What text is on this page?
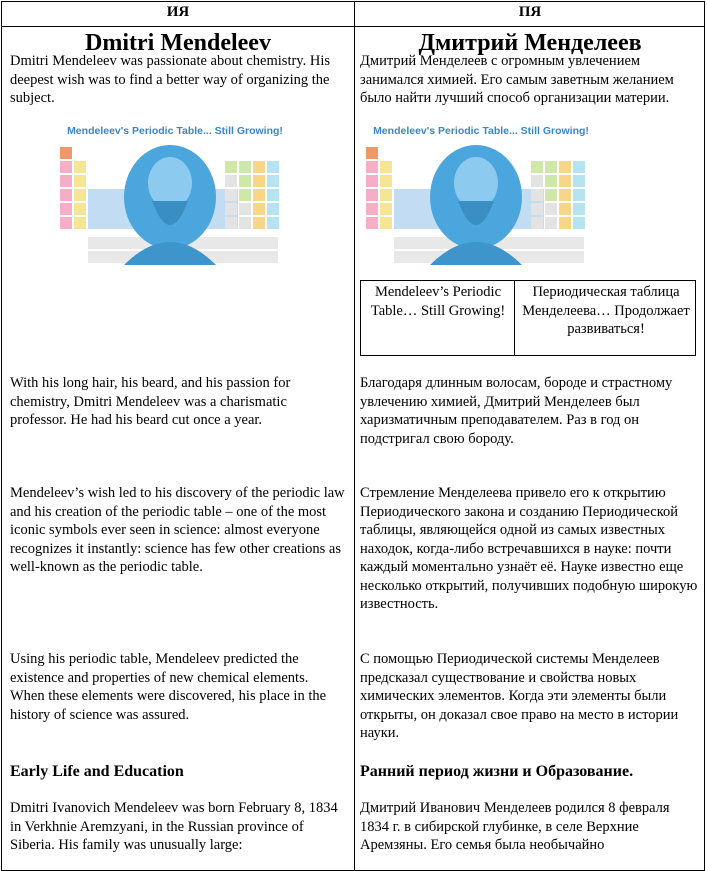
ИЯ	ПЯ
Dmitri Mendeleev	Дмитрий Менделеев
Dmitri Mendeleev was passionate about chemistry. His deepest wish was to find a better way of organizing the subject.
Mendeleev's Periodic Table... Still Growing!
With his long hair, his beard, and his passion for chemistry, Dmitri Mendeleev was a charismatic professor. He had his beard cut once a year.
Mendeleev’s wish led to his discovery of the periodic law and his creation of the periodic table – one of the most iconic symbols ever seen in science: almost everyone recognizes it instantly: science has few other creations as well-known as the periodic table.
Using his periodic table, Mendeleev predicted the existence and properties of new chemical elements. When these elements were discovered, his place in the history of science was assured.
Early Life and Education
Dmitri Ivanovich Mendeleev was born February 8, 1834 in Verkhnie Aremzyani, in the Russian province of Siberia. His family was unusually large:
Дмитрий Менделеев с огромным увлечением занимался химией. Его самым заветным желанием было найти лучший способ организации материи.
Mendeleev's Periodic Table... Still Growing!
Mendeleev’s Periodic Table… Still Growing!
Периодическая таблица Менделеева… Продолжает развиваться!
Благодаря длинным волосам, бороде и страстному увлечению химией, Дмитрий Менделеев был харизматичным преподавателем. Раз в год он подстригал свою бороду.
Стремление Менделеева привело его к открытию Периодического закона и созданию Периодической таблицы, являющейся одной из самых известных находок, когда-либо встречавшихся в науке: почти каждый моментально узнаёт её. Науке известно еще несколько открытий, получивших подобную широкую известность.
С помощью Периодической системы Менделеев предсказал существование и свойства новых химических элементов. Когда эти элементы были открыты, он доказал свое право на место в истории науки.
Ранний период жизни и Образование.
Дмитрий Иванович Менделеев родился 8 февраля 1834 г. в сибирской глубинке, в селе Верхние Аремзяны. Его семья была необычайно
